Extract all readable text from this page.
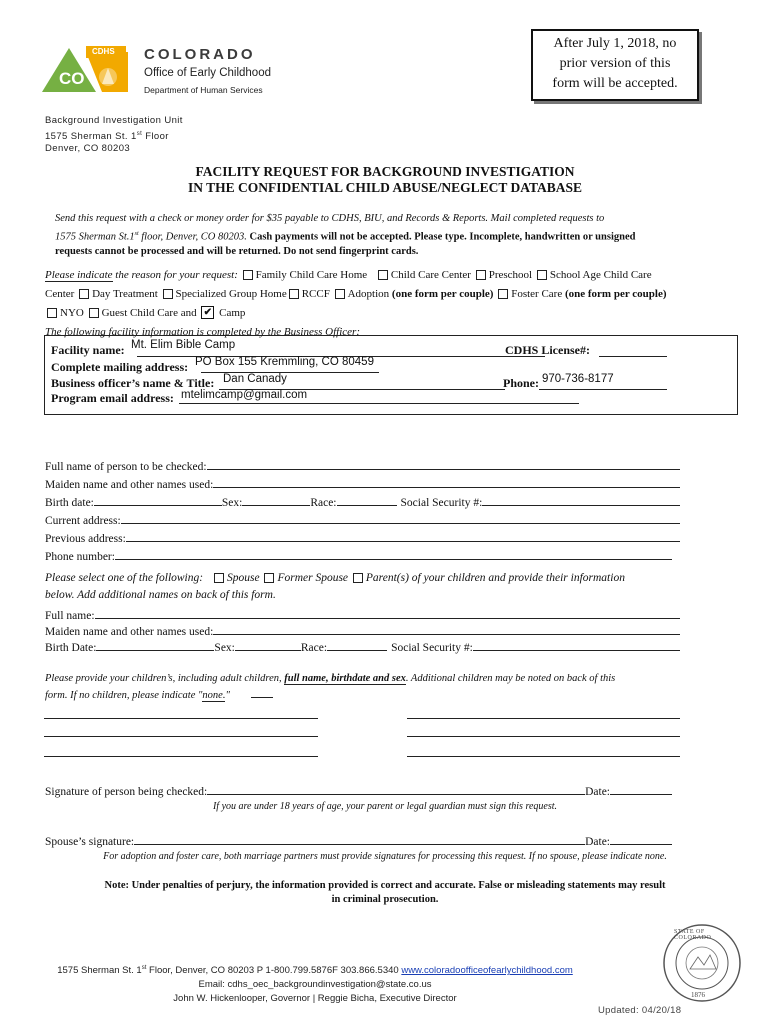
CDHS
CO
COLORADO
Office of Early Childhood
Department of Human Services
After July 1, 2018, no
prior version of this
form will be accepted.
Background Investigation Unit
1575 Sherman St. 1st Floor
Denver, CO 80203
FACILITY REQUEST FOR BACKGROUND INVESTIGATION
IN THE CONFIDENTIAL CHILD ABUSE/NEGLECT DATABASE
Send this request with a check or money order for $35 payable to CDHS, BIU, and Records & Reports. Mail completed requests to
1575 Sherman St.1st floor, Denver, CO 80203. Cash payments will not be accepted. Please type. Incomplete, handwritten or unsigned
requests cannot be processed and will be returned. Do not send fingerprint cards.
Please indicate the reason for your request: Family Child Care Home Child Care Center Preschool School Age Child Care
Center Day Treatment Specialized Group Home RCCF Adoption (one form per couple) Foster Care (one form per couple)
NYO Guest Child Care and ✔ Camp
The following facility information is completed by the Business Officer:
Facility name: Mt. Elim Bible Camp	CDHS License#:
Complete mailing address: PO Box 155 Kremmling, CO 80459
Business officer’s name & Title: Dan Canady	Phone: 970-736-8177
Program email address: mtelimcamp@gmail.com
Full name of person to be checked:
Maiden name and other names used:
Birth date:	Sex:	Race:	Social Security #:
Current address:
Previous address:
Phone number:
Please select one of the following: Spouse Former Spouse Parent(s) of your children and provide their information
below. Add additional names on back of this form.
Full name:
Maiden name and other names used:
Birth Date:	Sex:	Race:	Social Security #:
Please provide your children’s, including adult children, full name, birthdate and sex. Additional children may be noted on back of this
form. If no children, please indicate "none."
Signature of person being checked:	Date:
If you are under 18 years of age, your parent or legal guardian must sign this request.
Spouse’s signature:	Date:
For adoption and foster care, both marriage partners must provide signatures for processing this request. If no spouse, please indicate none.
Note: Under penalties of perjury, the information provided is correct and accurate. False or misleading statements may result
in criminal prosecution.
STATE OF COLORADO
1876
1575 Sherman St. 1st Floor, Denver, CO 80203 P 1-800.799.5876F 303.866.5340 www.coloradoofficeofearlychildhood.com
Email: cdhs_oec_backgroundinvestigation@state.co.us
John W. Hickenlooper, Governor | Reggie Bicha, Executive Director
Updated: 04/20/18
